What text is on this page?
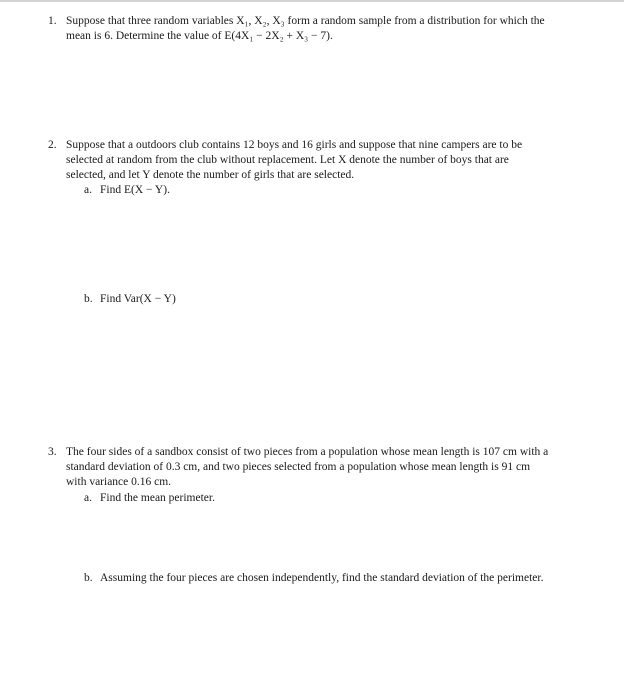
1. Suppose that three random variables X₁, X₂, X₃ form a random sample from a distribution for which the
mean is 6. Determine the value of E(4X₁ − 2X₂ + X₃ − 7).
2. Suppose that a outdoors club contains 12 boys and 16 girls and suppose that nine campers are to be
selected at random from the club without replacement. Let X denote the number of boys that are
selected, and let Y denote the number of girls that are selected.
a. Find E(X − Y).
b. Find Var(X − Y)
3. The four sides of a sandbox consist of two pieces from a population whose mean length is 107 cm with a
standard deviation of 0.3 cm, and two pieces selected from a population whose mean length is 91 cm
with variance 0.16 cm.
a. Find the mean perimeter.
b. Assuming the four pieces are chosen independently, find the standard deviation of the perimeter.
